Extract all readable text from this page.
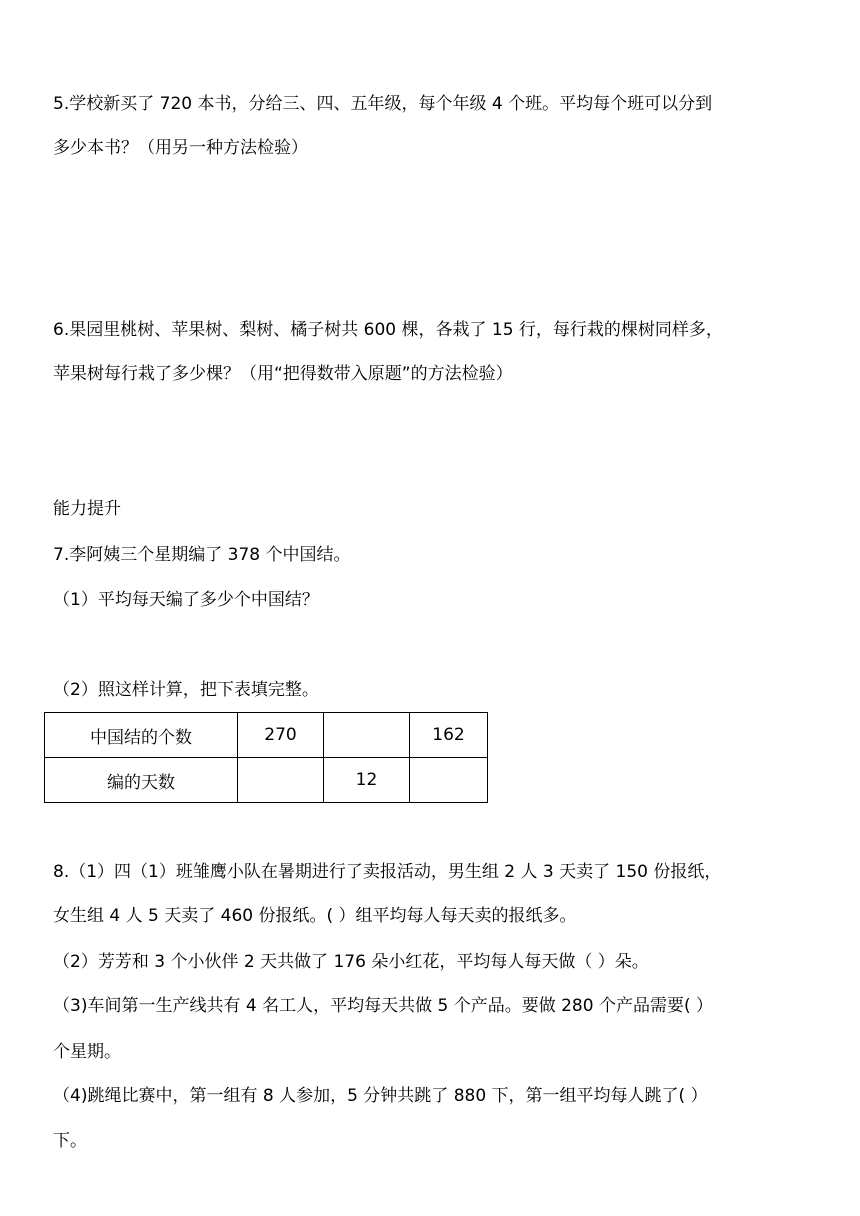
5.学校新买了 720 本书，分给三、四、五年级，每个年级 4 个班。平均每个班可以分到
多少本书？（用另一种方法检验）
6.果园里桃树、苹果树、梨树、橘子树共 600 棵，各栽了 15 行，每行栽的棵树同样多，
苹果树每行栽了多少棵？（用“把得数带入原题”的方法检验）
能力提升
7.李阿姨三个星期编了 378 个中国结。
（1）平均每天编了多少个中国结？
（2）照这样计算，把下表填完整。
中国结的个数	270		162
编的天数		12	
8.（1）四（1）班雏鹰小队在暑期进行了卖报活动，男生组 2 人 3 天卖了 150 份报纸，
女生组 4 人 5 天卖了 460 份报纸。( ）组平均每人每天卖的报纸多。
（2）芳芳和 3 个小伙伴 2 天共做了 176 朵小红花，平均每人每天做（ ）朵。
（3)车间第一生产线共有 4 名工人，平均每天共做 5 个产品。要做 280 个产品需要( ）
个星期。
（4)跳绳比赛中，第一组有 8 人参加，5 分钟共跳了 880 下，第一组平均每人跳了( ）
下。
